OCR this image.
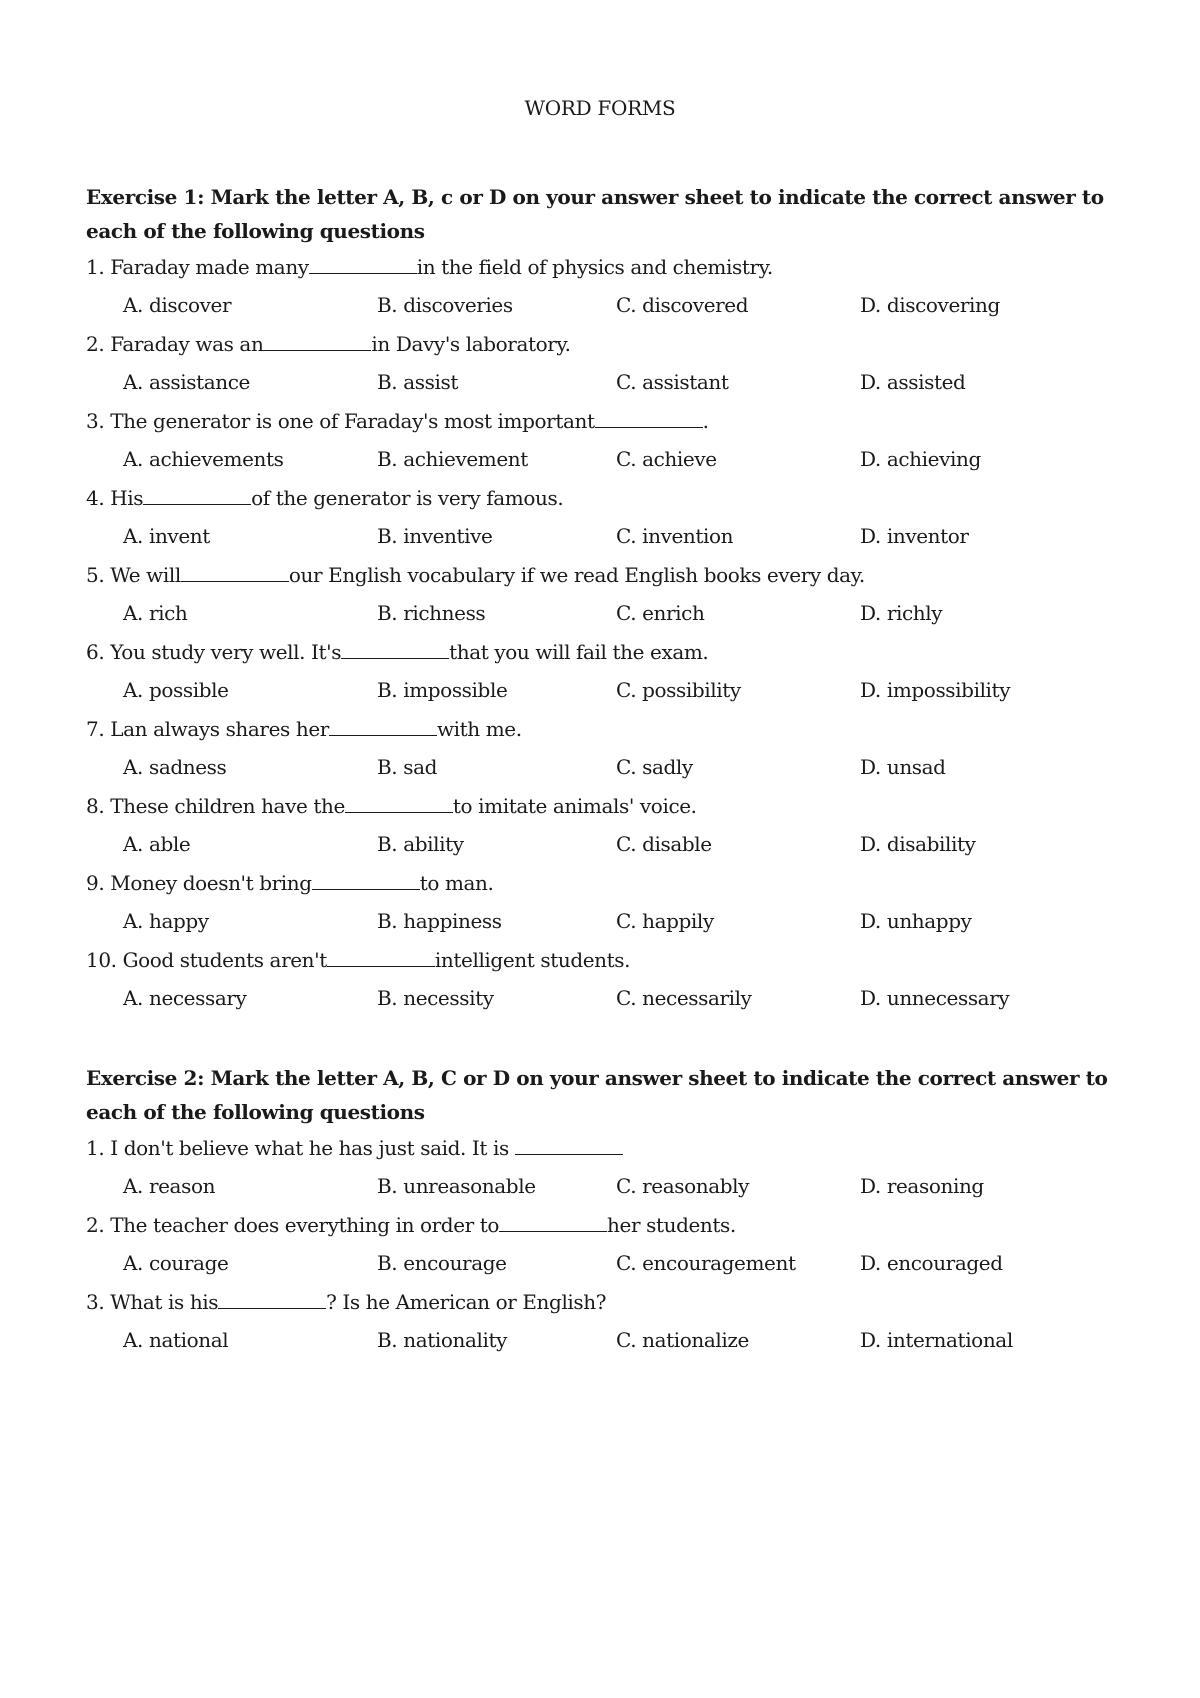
WORD FORMS
Exercise 1: Mark the letter A, B, c or D on your answer sheet to indicate the correct answer to each of the following questions
1. Faraday made many	in the field of physics and chemistry.
A. discover	B. discoveries	C. discovered	D. discovering
2. Faraday was an	in Davy's laboratory.
A. assistance	B. assist	C. assistant	D. assisted
3. The generator is one of Faraday's most important	.
A. achievements	B. achievement	C. achieve	D. achieving
4. His	of the generator is very famous.
A. invent	B. inventive	C. invention	D. inventor
5. We will	our English vocabulary if we read English books every day.
A. rich	B. richness	C. enrich	D. richly
6. You study very well. It's	that you will fail the exam.
A. possible	B. impossible	C. possibility	D. impossibility
7. Lan always shares her	with me.
A. sadness	B. sad	C. sadly	D. unsad
8. These children have the	to imitate animals' voice.
A. able	B. ability	C. disable	D. disability
9. Money doesn't bring	to man.
A. happy	B. happiness	C. happily	D. unhappy
10. Good students aren't	intelligent students.
A. necessary	B. necessity	C. necessarily	D. unnecessary
Exercise 2: Mark the letter A, B, C or D on your answer sheet to indicate the correct answer to each of the following questions
1. I don't believe what he has just said. It is
A. reason	B. unreasonable	C. reasonably	D. reasoning
2. The teacher does everything in order to	her students.
A. courage	B. encourage	C. encouragement	D. encouraged
3. What is his	? Is he American or English?
A. national	B. nationality	C. nationalize	D. international
